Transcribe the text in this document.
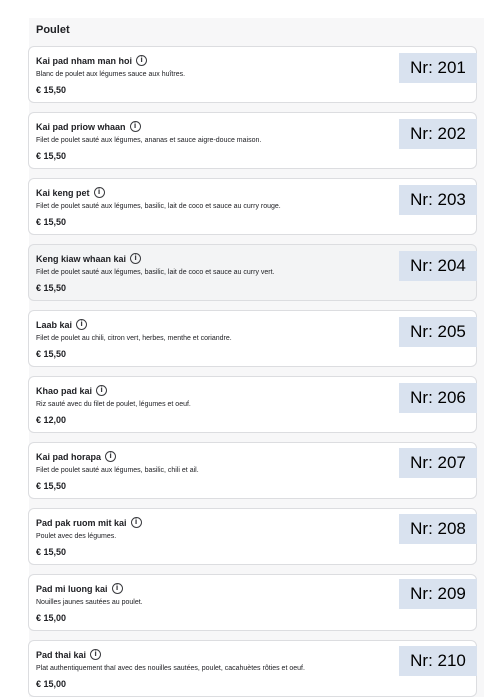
Poulet
Kai pad nham man hoi	i
Blanc de poulet aux légumes sauce aux huîtres.
€ 15,50
Nr: 201
Kai pad priow whaan	i
Filet de poulet sauté aux légumes, ananas et sauce aigre-douce maison.
€ 15,50
Nr: 202
Kai keng pet	i
Filet de poulet sauté aux légumes, basilic, lait de coco et sauce au curry rouge.
€ 15,50
Nr: 203
Keng kiaw whaan kai	i
Filet de poulet sauté aux légumes, basilic, lait de coco et sauce au curry vert.
€ 15,50
Nr: 204
Laab kai	i
Filet de poulet au chili, citron vert, herbes, menthe et coriandre.
€ 15,50
Nr: 205
Khao pad kai	i
Riz sauté avec du filet de poulet, légumes et oeuf.
€ 12,00
Nr: 206
Kai pad horapa	i
Filet de poulet sauté aux légumes, basilic, chili et ail.
€ 15,50
Nr: 207
Pad pak ruom mit kai	i
Poulet avec des légumes.
€ 15,50
Nr: 208
Pad mi luong kai	i
Nouilles jaunes sautées au poulet.
€ 15,00
Nr: 209
Pad thai kai	i
Plat authentiquement thaï avec des nouilles sautées, poulet, cacahuètes rôties et oeuf.
€ 15,00
Nr: 210
